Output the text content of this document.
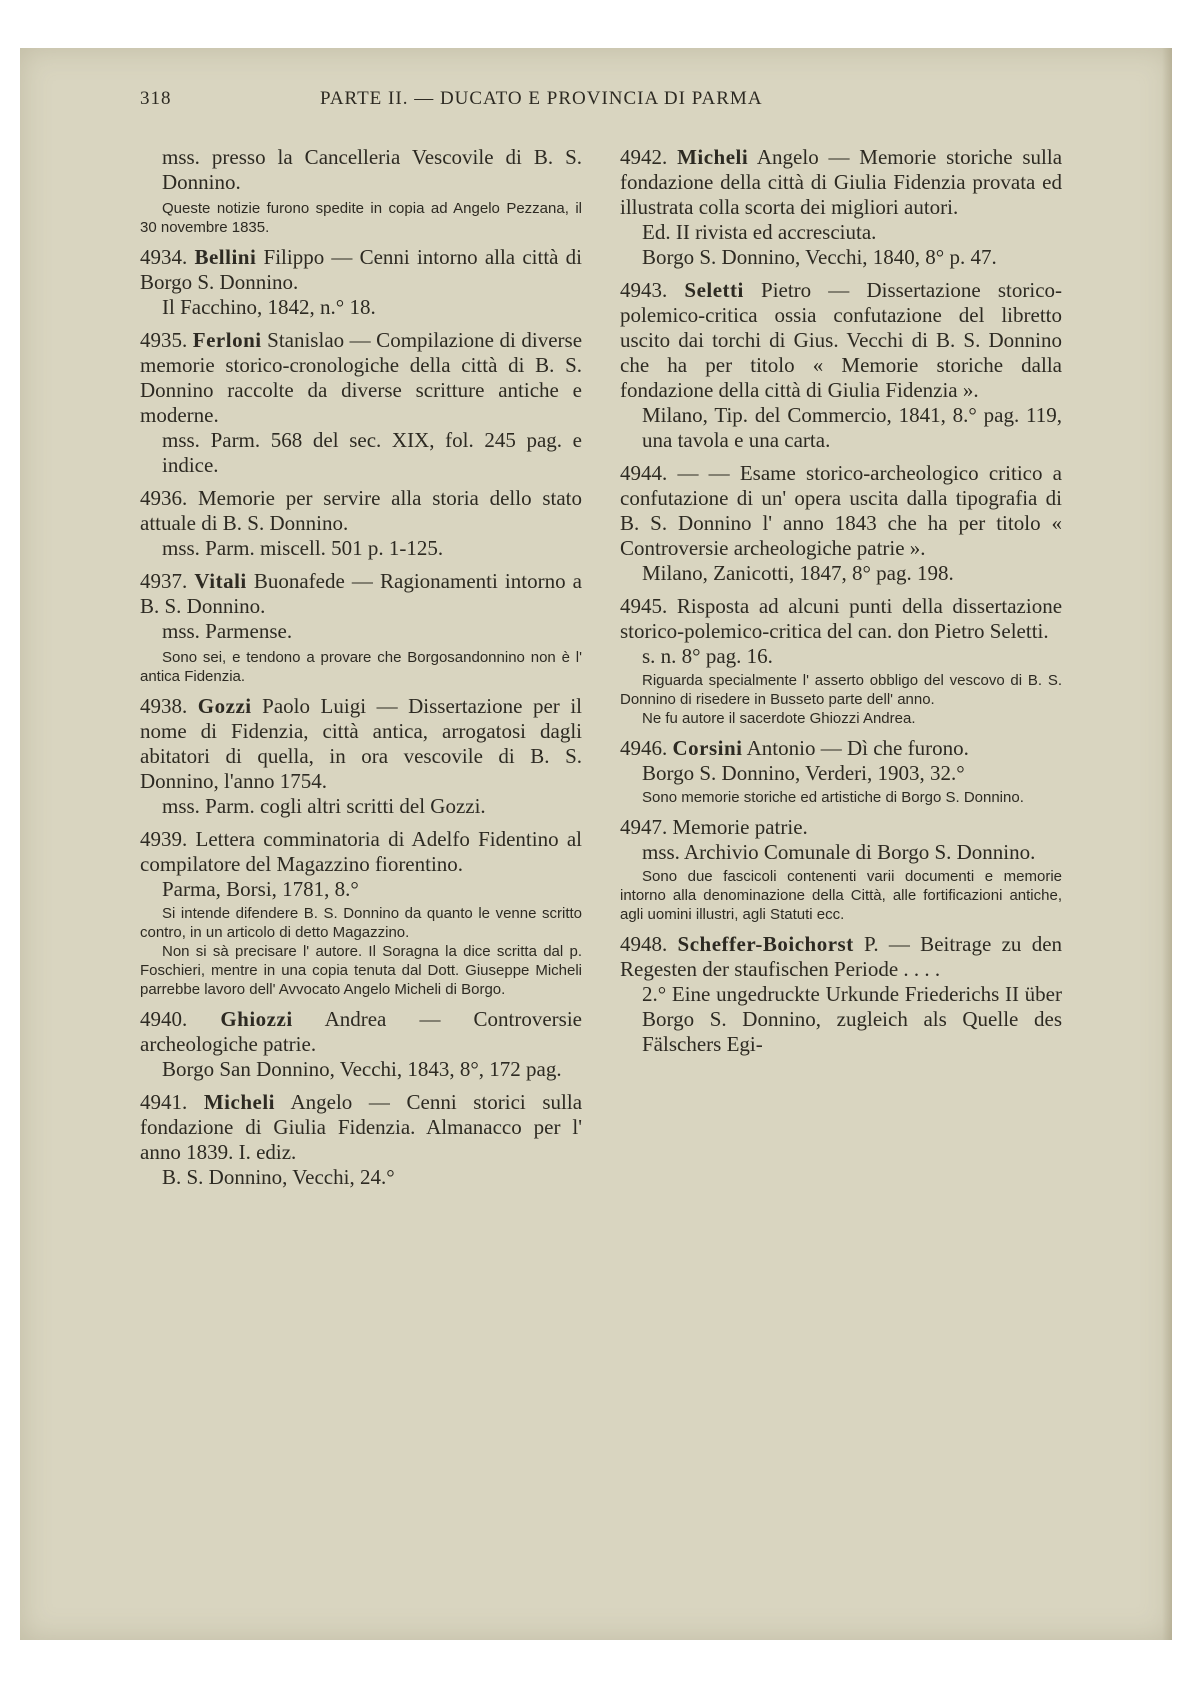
318	PARTE II. — DUCATO E PROVINCIA DI PARMA

mss. presso la Cancelleria Vescovile di B. S. Donnino.

Queste notizie furono spedite in copia ad Angelo Pezzana, il 30 novembre 1835.

4934. Bellini Filippo — Cenni intorno alla città di Borgo S. Donnino.

Il Facchino, 1842, n.° 18.

4935. Ferloni Stanislao — Compilazione di diverse memorie storico-cronologiche della città di B. S. Donnino raccolte da diverse scritture antiche e moderne.

mss. Parm. 568 del sec. XIX, fol. 245 pag. e indice.

4936. Memorie per servire alla storia dello stato attuale di B. S. Donnino.

mss. Parm. miscell. 501 p. 1-125.

4937. Vitali Buonafede — Ragionamenti intorno a B. S. Donnino.

mss. Parmense.

Sono sei, e tendono a provare che Borgosandonnino non è l' antica Fidenzia.

4938. Gozzi Paolo Luigi — Dissertazione per il nome di Fidenzia, città antica, arrogatosi dagli abitatori di quella, in ora vescovile di B. S. Donnino, l'anno 1754.

mss. Parm. cogli altri scritti del Gozzi.

4939. Lettera comminatoria di Adelfo Fidentino al compilatore del Magazzino fiorentino.

Parma, Borsi, 1781, 8.°

Si intende difendere B. S. Donnino da quanto le venne scritto contro, in un articolo di detto Magazzino.

Non si sà precisare l' autore. Il Soragna la dice scritta dal p. Foschieri, mentre in una copia tenuta dal Dott. Giuseppe Micheli parrebbe lavoro dell' Avvocato Angelo Micheli di Borgo.

4940. Ghiozzi Andrea — Controversie archeologiche patrie.

Borgo San Donnino, Vecchi, 1843, 8°, 172 pag.

4941. Micheli Angelo — Cenni storici sulla fondazione di Giulia Fidenzia. Almanacco per l' anno 1839. I. ediz.

B. S. Donnino, Vecchi, 24.°

4942. Micheli Angelo — Memorie storiche sulla fondazione della città di Giulia Fidenzia provata ed illustrata colla scorta dei migliori autori.

Ed. II rivista ed accresciuta.

Borgo S. Donnino, Vecchi, 1840, 8° p. 47.

4943. Seletti Pietro — Dissertazione storico-polemico-critica ossia confutazione del libretto uscito dai torchi di Gius. Vecchi di B. S. Donnino che ha per titolo « Memorie storiche dalla fondazione della città di Giulia Fidenzia ».

Milano, Tip. del Commercio, 1841, 8.° pag. 119, una tavola e una carta.

4944. — — Esame storico-archeologico critico a confutazione di un' opera uscita dalla tipografia di B. S. Donnino l' anno 1843 che ha per titolo « Controversie archeologiche patrie ».

Milano, Zanicotti, 1847, 8° pag. 198.

4945. Risposta ad alcuni punti della dissertazione storico-polemico-critica del can. don Pietro Seletti.

s. n. 8° pag. 16.

Riguarda specialmente l' asserto obbligo del vescovo di B. S. Donnino di risedere in Busseto parte dell' anno.

Ne fu autore il sacerdote Ghiozzi Andrea.

4946. Corsini Antonio — Dì che furono.

Borgo S. Donnino, Verderi, 1903, 32.°

Sono memorie storiche ed artistiche di Borgo S. Donnino.

4947. Memorie patrie.

mss. Archivio Comunale di Borgo S. Donnino.

Sono due fascicoli contenenti varii documenti e memorie intorno alla denominazione della Città, alle fortificazioni antiche, agli uomini illustri, agli Statuti ecc.

4948. Scheffer-Boichorst P. — Beitrage zu den Regesten der staufischen Periode . . . .

2.° Eine ungedruckte Urkunde Friederichs II über Borgo S. Donnino, zugleich als Quelle des Fälschers Egi-
